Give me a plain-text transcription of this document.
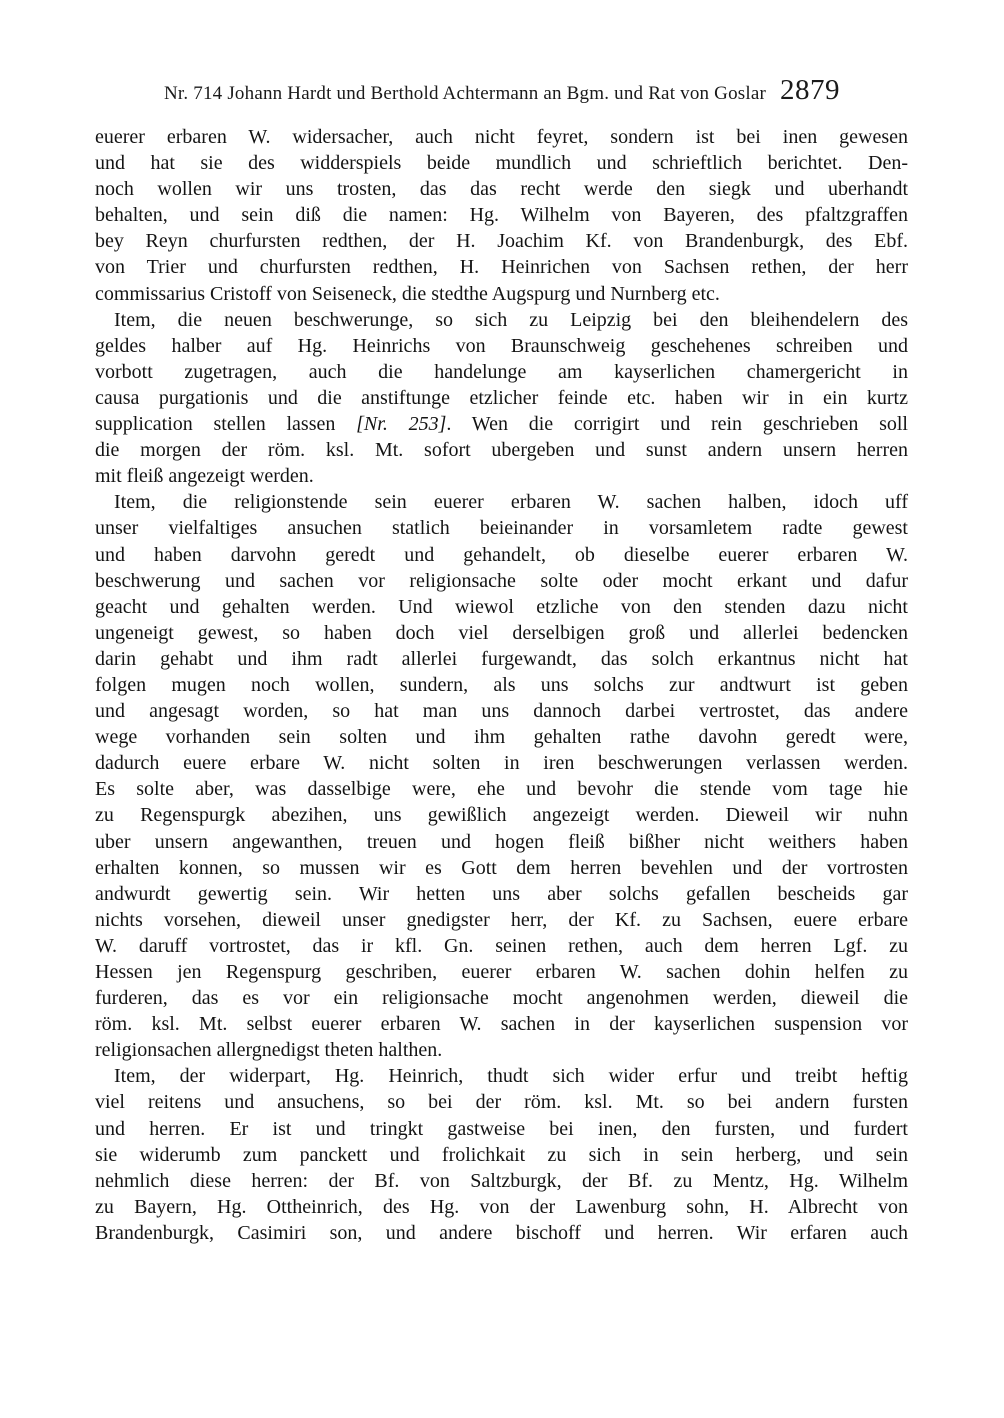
Nr. 714 Johann Hardt und Berthold Achtermann an Bgm. und Rat von Goslar 2879
euerer erbaren W. widersacher, auch nicht feyret, sondern ist bei inen gewesen
und hat sie des widderspiels beide mundlich und schrieftlich berichtet. Den-
noch wollen wir uns trosten, das das recht werde den siegk und uberhandt
behalten, und sein diß die namen: Hg. Wilhelm von Bayeren, des pfaltzgraffen
bey Reyn churfursten redthen, der H. Joachim Kf. von Brandenburgk, des Ebf.
von Trier und churfursten redthen, H. Heinrichen von Sachsen rethen, der herr
commissarius Cristoff von Seiseneck, die stedthe Augspurg und Nurnberg etc.
Item, die neuen beschwerunge, so sich zu Leipzig bei den bleihendelern des
geldes halber auf Hg. Heinrichs von Braunschweig geschehenes schreiben und
vorbott zugetragen, auch die handelunge am kayserlichen chamergericht in
causa purgationis und die anstiftunge etzlicher feinde etc. haben wir in ein kurtz
supplication stellen lassen [Nr. 253]. Wen die corrigirt und rein geschrieben soll
die morgen der röm. ksl. Mt. sofort ubergeben und sunst andern unsern herren
mit fleiß angezeigt werden.
Item, die religionstende sein euerer erbaren W. sachen halben, idoch uff
unser vielfaltiges ansuchen statlich beieinander in vorsamletem radte gewest
und haben darvohn geredt und gehandelt, ob dieselbe euerer erbaren W.
beschwerung und sachen vor religionsache solte oder mocht erkant und dafur
geacht und gehalten werden. Und wiewol etzliche von den stenden dazu nicht
ungeneigt gewest, so haben doch viel derselbigen groß und allerlei bedencken
darin gehabt und ihm radt allerlei furgewandt, das solch erkantnus nicht hat
folgen mugen noch wollen, sundern, als uns solchs zur andtwurt ist geben
und angesagt worden, so hat man uns dannoch darbei vertrostet, das andere
wege vorhanden sein solten und ihm gehalten rathe davohn geredt were,
dadurch euere erbare W. nicht solten in iren beschwerungen verlassen werden.
Es solte aber, was dasselbige were, ehe und bevohr die stende vom tage hie
zu Regenspurgk abezihen, uns gewißlich angezeigt werden. Dieweil wir nuhn
uber unsern angewanthen, treuen und hogen fleiß bißher nicht weithers haben
erhalten konnen, so mussen wir es Gott dem herren bevehlen und der vortrosten
andwurdt gewertig sein. Wir hetten uns aber solchs gefallen bescheids gar
nichts vorsehen, dieweil unser gnedigster herr, der Kf. zu Sachsen, euere erbare
W. daruff vortrostet, das ir kfl. Gn. seinen rethen, auch dem herren Lgf. zu
Hessen jen Regenspurg geschriben, euerer erbaren W. sachen dohin helfen zu
furderen, das es vor ein religionsache mocht angenohmen werden, dieweil die
röm. ksl. Mt. selbst euerer erbaren W. sachen in der kayserlichen suspension vor
religionsachen allergnedigst theten halthen.
Item, der widerpart, Hg. Heinrich, thudt sich wider erfur und treibt heftig
viel reitens und ansuchens, so bei der röm. ksl. Mt. so bei andern fursten
und herren. Er ist und tringkt gastweise bei inen, den fursten, und furdert
sie widerumb zum panckett und frolichkait zu sich in sein herberg, und sein
nehmlich diese herren: der Bf. von Saltzburgk, der Bf. zu Mentz, Hg. Wilhelm
zu Bayern, Hg. Ottheinrich, des Hg. von der Lawenburg sohn, H. Albrecht von
Brandenburgk, Casimiri son, und andere bischoff und herren. Wir erfaren auch
